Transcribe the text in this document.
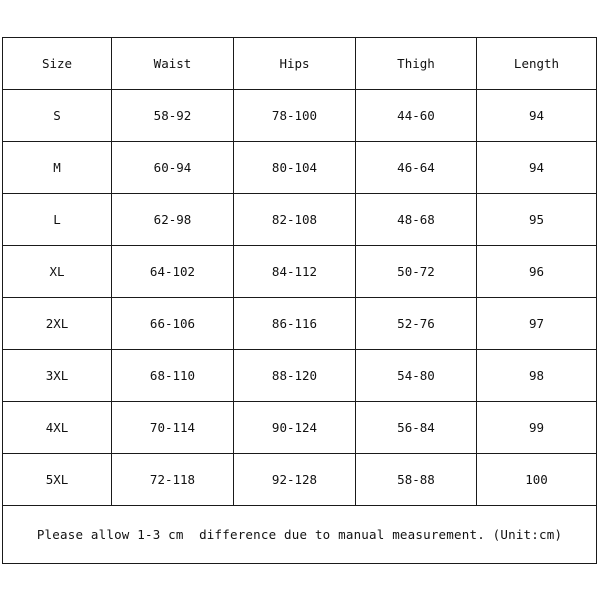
Size	Waist	Hips	Thigh	Length
S	58-92	78-100	44-60	94
M	60-94	80-104	46-64	94
L	62-98	82-108	48-68	95
XL	64-102	84-112	50-72	96
2XL	66-106	86-116	52-76	97
3XL	68-110	88-120	54-80	98
4XL	70-114	90-124	56-84	99
5XL	72-118	92-128	58-88	100
Please allow 1-3 cm  difference due to manual measurement. (Unit:cm)				
